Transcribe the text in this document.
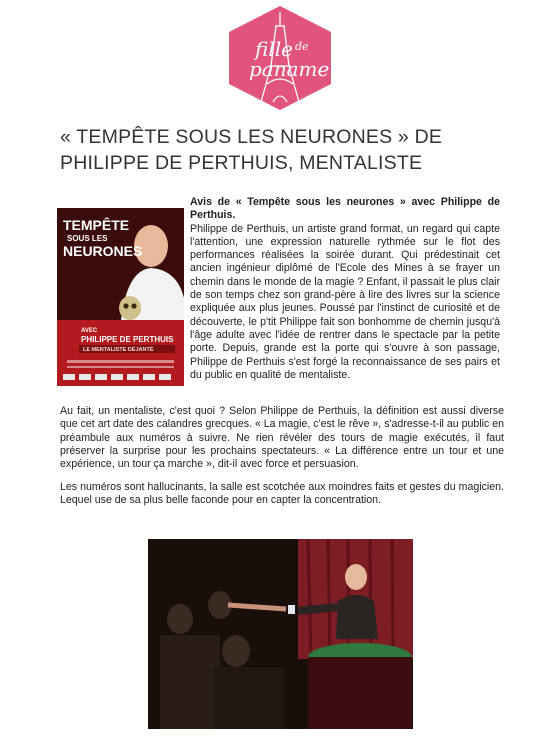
fille de
paname
« TEMPÊTE SOUS LES NEURONES » DE PHILIPPE DE PERTHUIS, MENTALISTE
TEMPÊTE
SOUS LES
NEURONES
AVEC
PHILIPPE DE PERTHUIS
LE MENTALISTE DÉJANTÉ

Avis de « Tempête sous les neurones » avec Philippe de Perthuis.
Philippe de Perthuis, un artiste grand format, un regard qui capte l'attention, une expression naturelle rythmée sur le flot des performances réalisées la soirée durant. Qui prédestinait cet ancien ingénieur diplômé de l'Ecole des Mines à se frayer un chemin dans le monde de la magie ? Enfant, il passait le plus clair de son temps chez son grand-père à lire des livres sur la science expliquée aux plus jeunes. Poussé par l'instinct de curiosité et de découverte, le p'tit Philippe fait son bonhomme de chemin jusqu'à l'âge adulte avec l'idée de rentrer dans le spectacle par la petite porte. Depuis, grande est la porte qui s'ouvre à son passage, Philippe de Perthuis s'est forgé la reconnaissance de ses pairs et du public en qualité de mentaliste.

Au fait, un mentaliste, c'est quoi ? Selon Philippe de Perthuis, la définition est aussi diverse que cet art date des calandres grecques. « La magie, c'est le rêve », s'adresse-t-il au public en préambule aux numéros à suivre. Ne rien révéler des tours de magie exécutés, il faut préserver la surprise pour les prochains spectateurs. « La différence entre un tour et une expérience, un tour ça marche », dit-il avec force et persuasion.

Les numéros sont hallucinants, la salle est scotchée aux moindres faits et gestes du magicien. Lequel use de sa plus belle faconde pour en capter la concentration.
